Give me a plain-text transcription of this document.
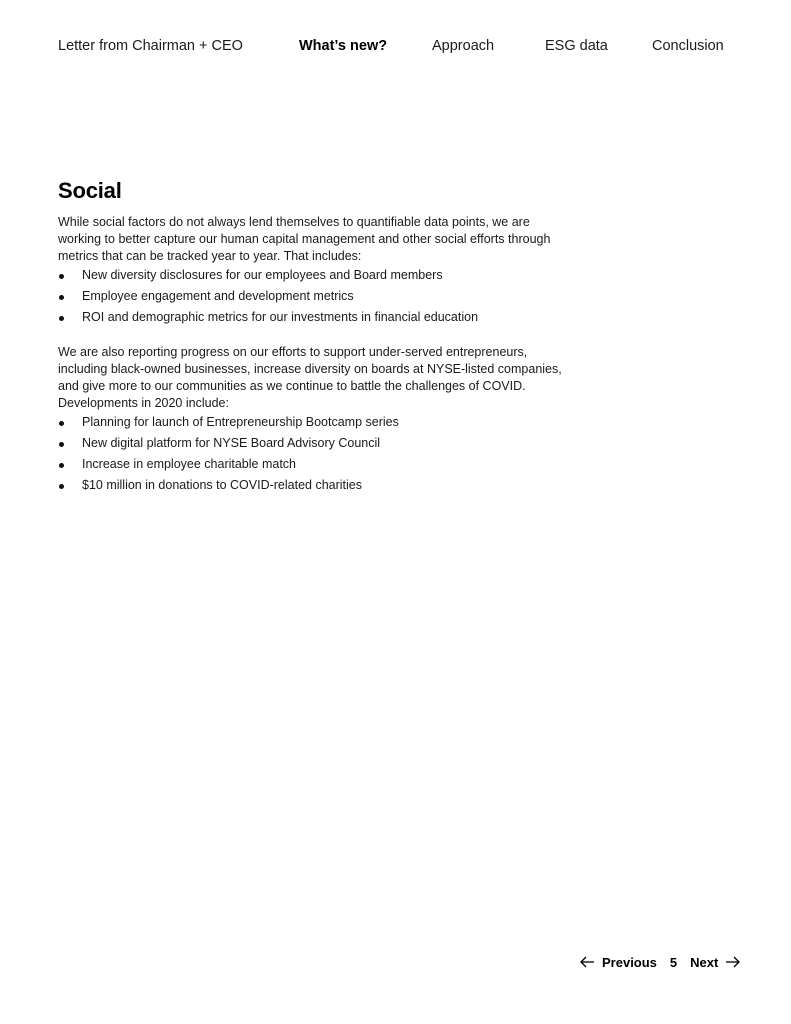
Letter from Chairman + CEO	What’s new?	Approach	ESG data	Conclusion
Social

While social factors do not always lend themselves to quantifiable data points, we are working to better capture our human capital management and other social efforts through metrics that can be tracked year to year. That includes:

New diversity disclosures for our employees and Board members
Employee engagement and development metrics
ROI and demographic metrics for our investments in financial education

We are also reporting progress on our efforts to support under-served entrepreneurs, including black-owned businesses, increase diversity on boards at NYSE-listed companies, and give more to our communities as we continue to battle the challenges of COVID. Developments in 2020 include:

Planning for launch of Entrepreneurship Bootcamp series
New digital platform for NYSE Board Advisory Council
Increase in employee charitable match
$10 million in donations to COVID-related charities
Previous 5 Next
